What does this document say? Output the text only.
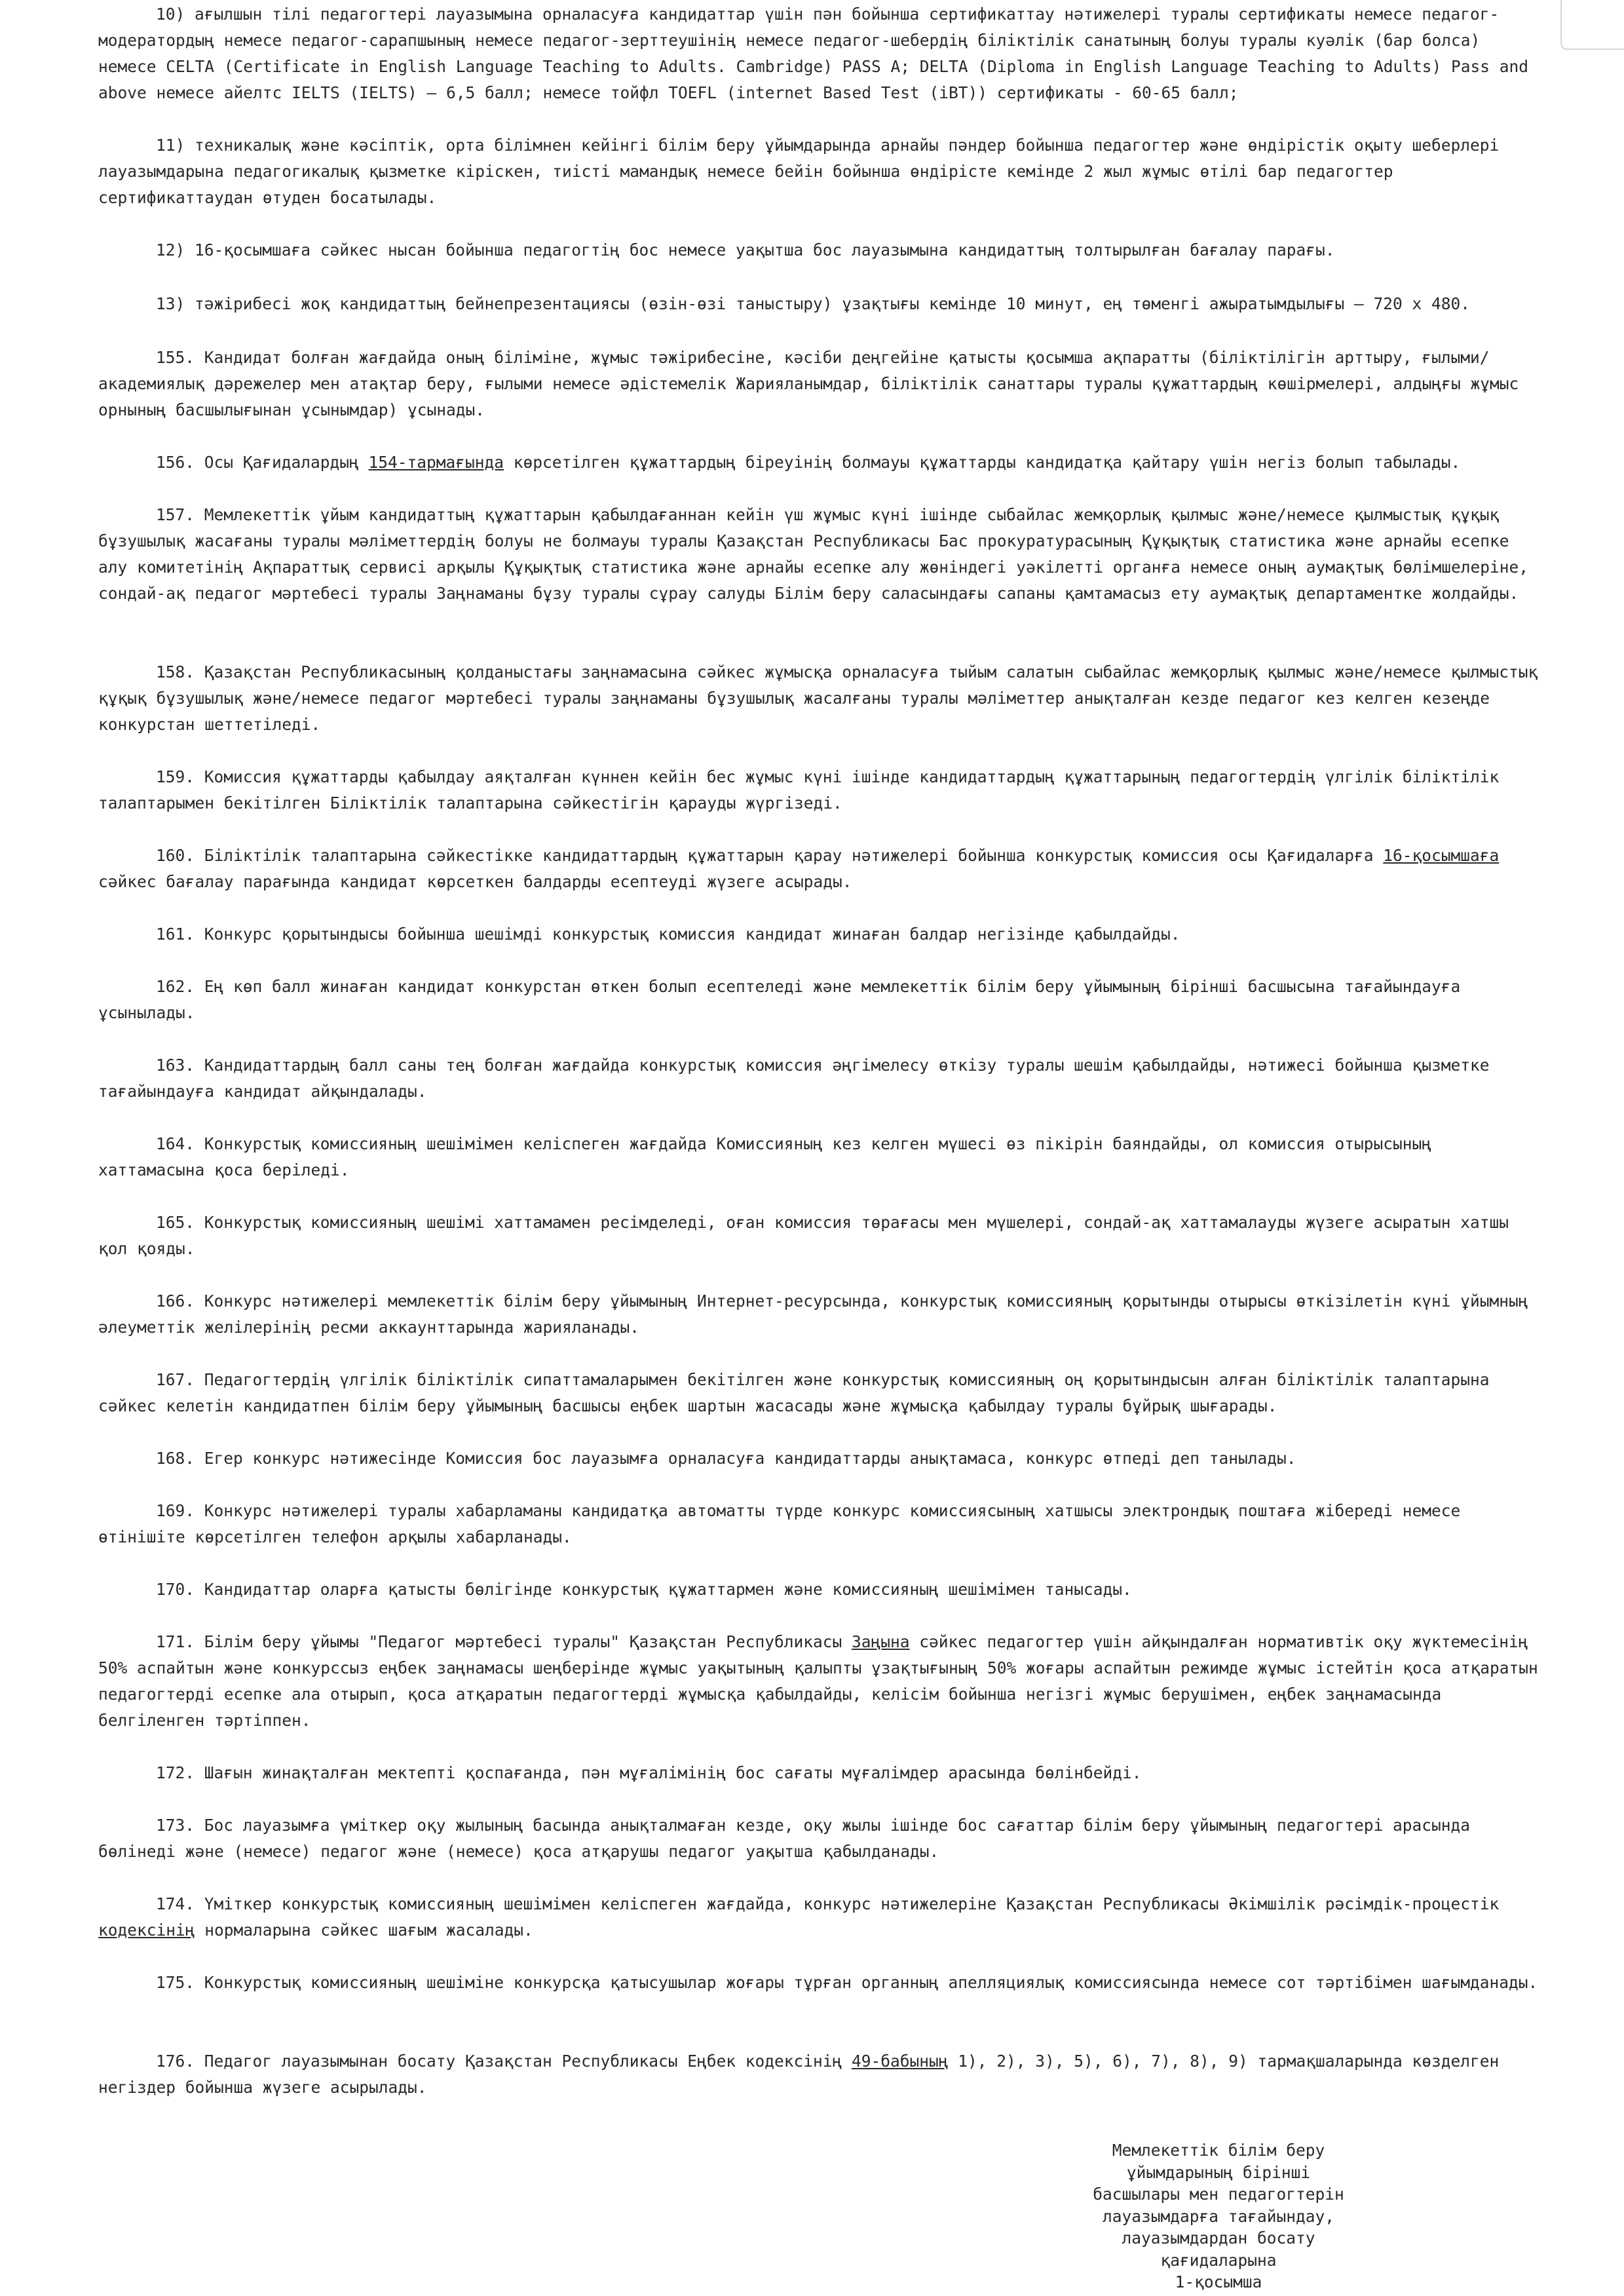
10) ағылшын тілі педагогтері лауазымына орналасуға кандидаттар үшін пән бойынша сертификаттау нәтижелері туралы сертификаты немесе педагог-модератордың немесе педагог-сарапшының немесе педагог-зерттеушінің немесе педагог-шебердің біліктілік санатының болуы туралы куәлік (бар болса) немесе CELTA (Certificate in English Language Teaching to Adults. Cambridge) PASS A; DELTA (Diploma in English Language Teaching to Adults) Pass and above немесе айелтс IELTS (IELTS) – 6,5 балл; немесе тойфл TOEFL (internet Based Test (iBT)) сертификаты - 60-65 балл;

11) техникалық және кәсіптік, орта білімнен кейінгі білім беру ұйымдарында арнайы пәндер бойынша педагогтер және өндірістік оқыту шеберлері лауазымдарына педагогикалық қызметке кіріскен, тиісті мамандық немесе бейін бойынша өндірісте кемінде 2 жыл жұмыс өтілі бар педагогтер сертификаттаудан өтуден босатылады.

12) 16-қосымшаға сәйкес нысан бойынша педагогтің бос немесе уақытша бос лауазымына кандидаттың толтырылған бағалау парағы.

13) тәжірибесі жоқ кандидаттың бейнепрезентациясы (өзін-өзі таныстыру) ұзақтығы кемінде 10 минут, ең төменгі ажыратымдылығы – 720 x 480.

155. Кандидат болған жағдайда оның біліміне, жұмыс тәжірибесіне, кәсіби деңгейіне қатысты қосымша ақпаратты (біліктілігін арттыру, ғылыми/академиялық дәрежелер мен атақтар беру, ғылыми немесе әдістемелік Жарияланымдар, біліктілік санаттары туралы құжаттардың көшірмелері, алдыңғы жұмыс орнының басшылығынан ұсынымдар) ұсынады.

156. Осы Қағидалардың 154-тармағында көрсетілген құжаттардың біреуінің болмауы құжаттарды кандидатқа қайтару үшін негіз болып табылады.

157. Мемлекеттік ұйым кандидаттың құжаттарын қабылдағаннан кейін үш жұмыс күні ішінде сыбайлас жемқорлық қылмыс және/немесе қылмыстық құқық бұзушылық жасағаны туралы мәліметтердің болуы не болмауы туралы Қазақстан Республикасы Бас прокуратурасының Құқықтық статистика және арнайы есепке алу комитетінің Ақпараттық сервисі арқылы Құқықтық статистика және арнайы есепке алу жөніндегі уәкілетті органға немесе оның аумақтық бөлімшелеріне, сондай-ақ педагог мәртебесі туралы Заңнаманы бұзу туралы сұрау салуды Білім беру саласындағы сапаны қамтамасыз ету аумақтық департаментке жолдайды.

158. Қазақстан Республикасының қолданыстағы заңнамасына сәйкес жұмысқа орналасуға тыйым салатын сыбайлас жемқорлық қылмыс және/немесе қылмыстық құқық бұзушылық және/немесе педагог мәртебесі туралы заңнаманы бұзушылық жасалғаны туралы мәліметтер анықталған кезде педагог кез келген кезеңде конкурстан шеттетіледі.

159. Комиссия құжаттарды қабылдау аяқталған күннен кейін бес жұмыс күні ішінде кандидаттардың құжаттарының педагогтердің үлгілік біліктілік талаптарымен бекітілген Біліктілік талаптарына сәйкестігін қарауды жүргізеді.

160. Біліктілік талаптарына сәйкестікке кандидаттардың құжаттарын қарау нәтижелері бойынша конкурстық комиссия осы Қағидаларға 16-қосымшаға сәйкес бағалау парағында кандидат көрсеткен балдарды есептеуді жүзеге асырады.

161. Конкурс қорытындысы бойынша шешімді конкурстық комиссия кандидат жинаған балдар негізінде қабылдайды.

162. Ең көп балл жинаған кандидат конкурстан өткен болып есептеледі және мемлекеттік білім беру ұйымының бірінші басшысына тағайындауға ұсынылады.

163. Кандидаттардың балл саны тең болған жағдайда конкурстық комиссия әңгімелесу өткізу туралы шешім қабылдайды, нәтижесі бойынша қызметке тағайындауға кандидат айқындалады.

164. Конкурстық комиссияның шешімімен келіспеген жағдайда Комиссияның кез келген мүшесі өз пікірін баяндайды, ол комиссия отырысының хаттамасына қоса беріледі.

165. Конкурстық комиссияның шешімі хаттамамен ресімделеді, оған комиссия төрағасы мен мүшелері, сондай-ақ хаттамалауды жүзеге асыратын хатшы қол қояды.

166. Конкурс нәтижелері мемлекеттік білім беру ұйымының Интернет-ресурсында, конкурстық комиссияның қорытынды отырысы өткізілетін күні ұйымның әлеуметтік желілерінің ресми аккаунттарында жарияланады.

167. Педагогтердің үлгілік біліктілік сипаттамаларымен бекітілген және конкурстық комиссияның оң қорытындысын алған біліктілік талаптарына сәйкес келетін кандидатпен білім беру ұйымының басшысы еңбек шартын жасасады және жұмысқа қабылдау туралы бұйрық шығарады.

168. Егер конкурс нәтижесінде Комиссия бос лауазымға орналасуға кандидаттарды анықтамаса, конкурс өтпеді деп танылады.

169. Конкурс нәтижелері туралы хабарламаны кандидатқа автоматты түрде конкурс комиссиясының хатшысы электрондық поштаға жібереді немесе өтінішіте көрсетілген телефон арқылы хабарланады.

170. Кандидаттар оларға қатысты бөлігінде конкурстық құжаттармен және комиссияның шешімімен танысады.

171. Білім беру ұйымы "Педагог мәртебесі туралы" Қазақстан Республикасы Заңына сәйкес педагогтер үшін айқындалған нормативтік оқу жүктемесінің 50% аспайтын және конкурссыз еңбек заңнамасы шеңберінде жұмыс уақытының қалыпты ұзақтығының 50% жоғары аспайтын режимде жұмыс істейтін қоса атқаратын педагогтерді есепке ала отырып, қоса атқаратын педагогтерді жұмысқа қабылдайды, келісім бойынша негізгі жұмыс берушімен, еңбек заңнамасында белгіленген тәртіппен.

172. Шағын жинақталған мектепті қоспағанда, пән мұғалімінің бос сағаты мұғалімдер арасында бөлінбейді.

173. Бос лауазымға үміткер оқу жылының басында анықталмаған кезде, оқу жылы ішінде бос сағаттар білім беру ұйымының педагогтері арасында бөлінеді және (немесе) педагог және (немесе) қоса атқарушы педагог уақытша қабылданады.

174. Үміткер конкурстық комиссияның шешімімен келіспеген жағдайда, конкурс нәтижелеріне Қазақстан Республикасы Әкімшілік рәсімдік-процестік кодексінің нормаларына сәйкес шағым жасалады.

175. Конкурстық комиссияның шешіміне конкурсқа қатысушылар жоғары тұрған органның апелляциялық комиссиясында немесе сот тәртібімен шағымданады.

176. Педагог лауазымынан босату Қазақстан Республикасы Еңбек кодексінің 49-бабының 1), 2), 3), 5), 6), 7), 8), 9) тармақшаларында көзделген негіздер бойынша жүзеге асырылады.

Мемлекеттік білім беру
ұйымдарының бірінші
басшылары мен педагогтерін
лауазымдарға тағайындау,
лауазымдардан босату
қағидаларына
1-қосымша
